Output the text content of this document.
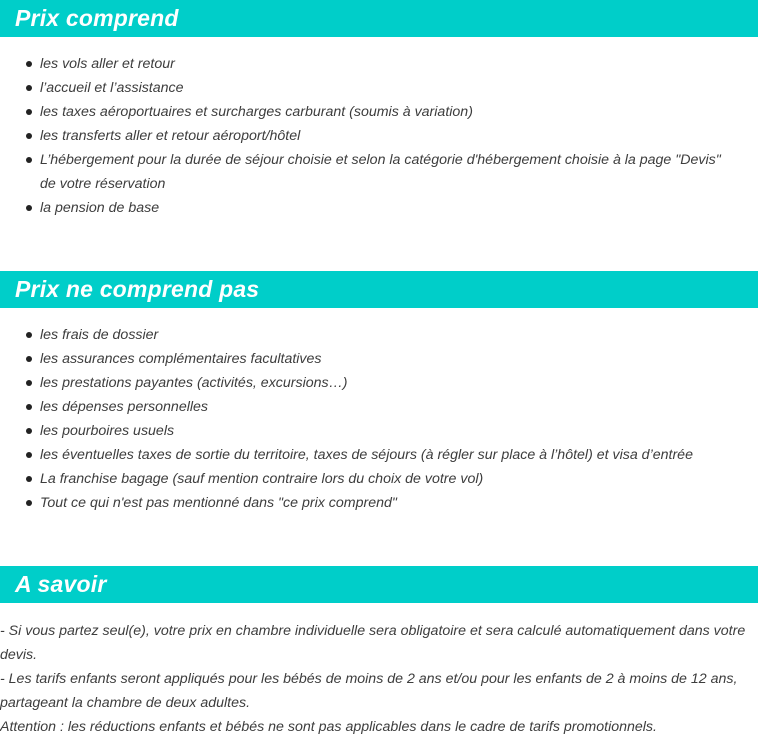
Prix comprend
les vols aller et retour
l’accueil et l’assistance
les taxes aéroportuaires et surcharges carburant (soumis à variation)
les transferts aller et retour aéroport/hôtel
L’hébergement pour la durée de séjour choisie et selon la catégorie d'hébergement choisie à la page "Devis" de votre réservation
la pension de base
Prix ne comprend pas
les frais de dossier
les assurances complémentaires facultatives
les prestations payantes (activités, excursions…)
les dépenses personnelles
les pourboires usuels
les éventuelles taxes de sortie du territoire, taxes de séjours (à régler sur place à l’hôtel) et visa d’entrée
La franchise bagage (sauf mention contraire lors du choix de votre vol)
Tout ce qui n'est pas mentionné dans "ce prix comprend"
A savoir

- Si vous partez seul(e), votre prix en chambre individuelle sera obligatoire et sera calculé automatiquement dans votre devis.

- Les tarifs enfants seront appliqués pour les bébés de moins de 2 ans et/ou pour les enfants de 2 à moins de 12 ans, partageant la chambre de deux adultes.

Attention : les réductions enfants et bébés ne sont pas applicables dans le cadre de tarifs promotionnels.
